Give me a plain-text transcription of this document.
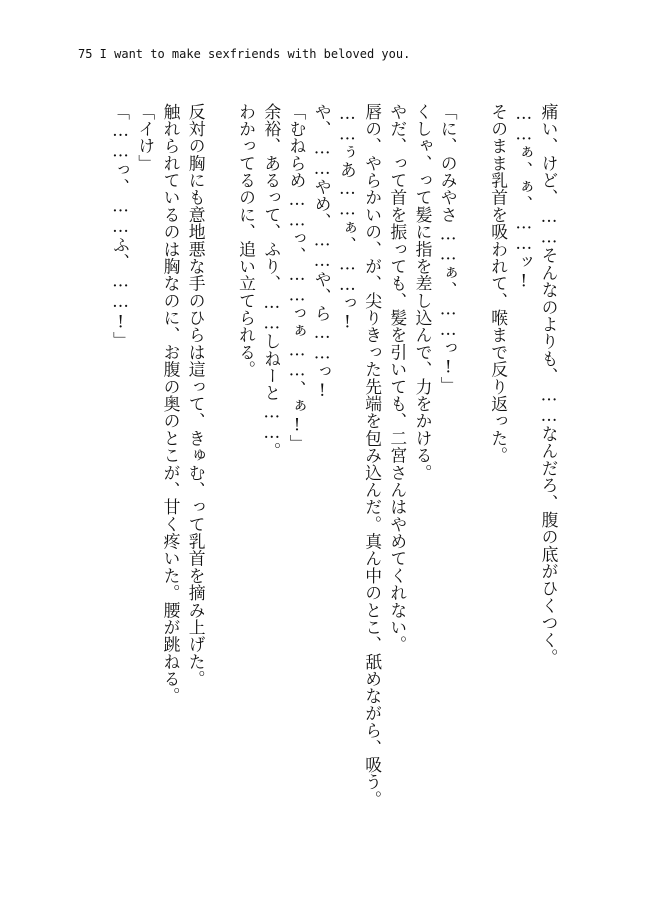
75 I want to make sexfriends with beloved you.
痛い、けど、……そんなのよりも、……なんだろ、腹の底がひくつく。
……ぁ、ぁ、……ッ!
そのまま乳首を吸われて、喉まで反り返った。
「に、のみやさ……ぁ、……っ!」
くしゃ、って髪に指を差し込んで、力をかける。
やだ、って首を振っても、髪を引いても、二宮さんはやめてくれない。
唇の、やらかいの、が、尖りきった先端を包み込んだ。真ん中のとこ、舐めながら、吸う。
……ぅあ……ぁ、……っ!
や、……やめ、……や、ら……っ!
「むねらめ……っ、……っぁ……、ぁ!」
余裕、あるって、ふり、……しねーと……。
わかってるのに、追い立てられる。
反対の胸にも意地悪な手のひらは這って、きゅむ、って乳首を摘み上げた。
触れられているのは胸なのに、お腹の奥のとこが、甘く疼いた。腰が跳ねる。
「イけ」
「……っ、……ふ、……!」
